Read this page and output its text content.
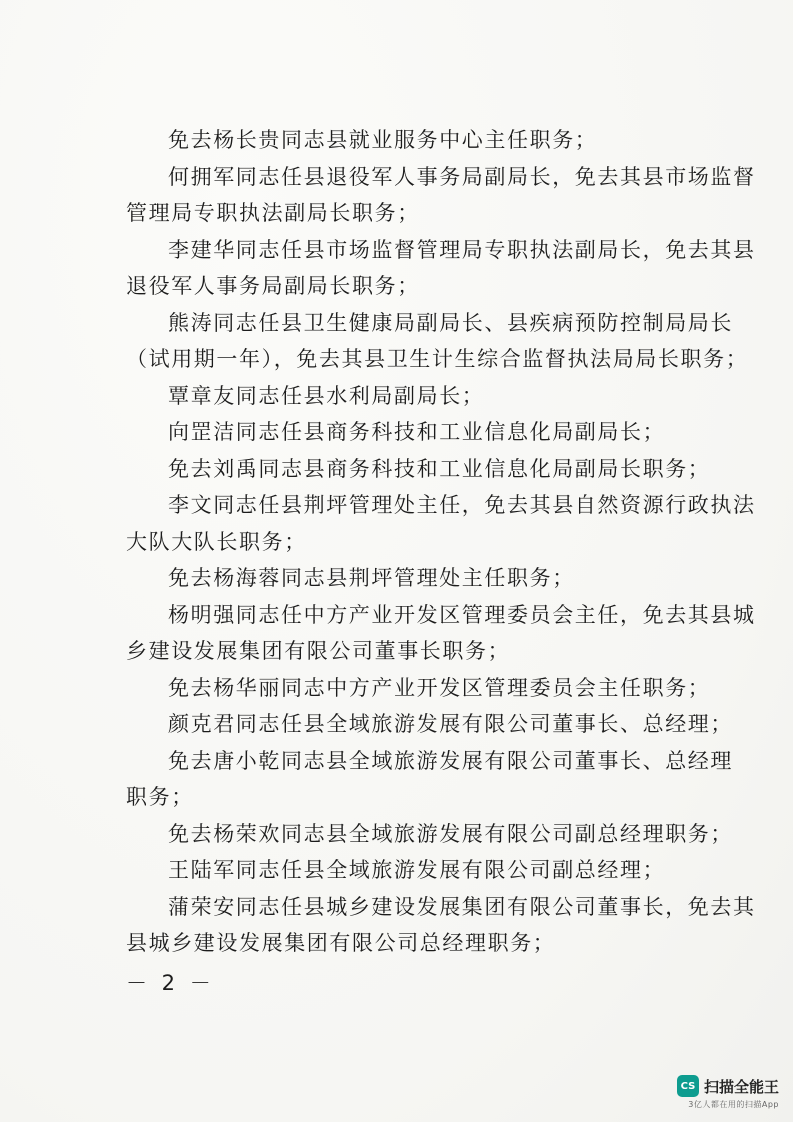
免去杨长贵同志县就业服务中心主任职务；
何拥军同志任县退役军人事务局副局长，免去其县市场监督
管理局专职执法副局长职务；
李建华同志任县市场监督管理局专职执法副局长，免去其县
退役军人事务局副局长职务；
熊涛同志任县卫生健康局副局长、县疾病预防控制局局长
（试用期一年），免去其县卫生计生综合监督执法局局长职务；
覃章友同志任县水利局副局长；
向罡洁同志任县商务科技和工业信息化局副局长；
免去刘禹同志县商务科技和工业信息化局副局长职务；
李文同志任县荆坪管理处主任，免去其县自然资源行政执法
大队大队长职务；
免去杨海蓉同志县荆坪管理处主任职务；
杨明强同志任中方产业开发区管理委员会主任，免去其县城
乡建设发展集团有限公司董事长职务；
免去杨华丽同志中方产业开发区管理委员会主任职务；
颜克君同志任县全域旅游发展有限公司董事长、总经理；
免去唐小乾同志县全域旅游发展有限公司董事长、总经理
职务；
免去杨荣欢同志县全域旅游发展有限公司副总经理职务；
王陆军同志任县全域旅游发展有限公司副总经理；
蒲荣安同志任县城乡建设发展集团有限公司董事长，免去其
县城乡建设发展集团有限公司总经理职务；
－ 2 －
CS 扫描全能王
3亿人都在用的扫描App
